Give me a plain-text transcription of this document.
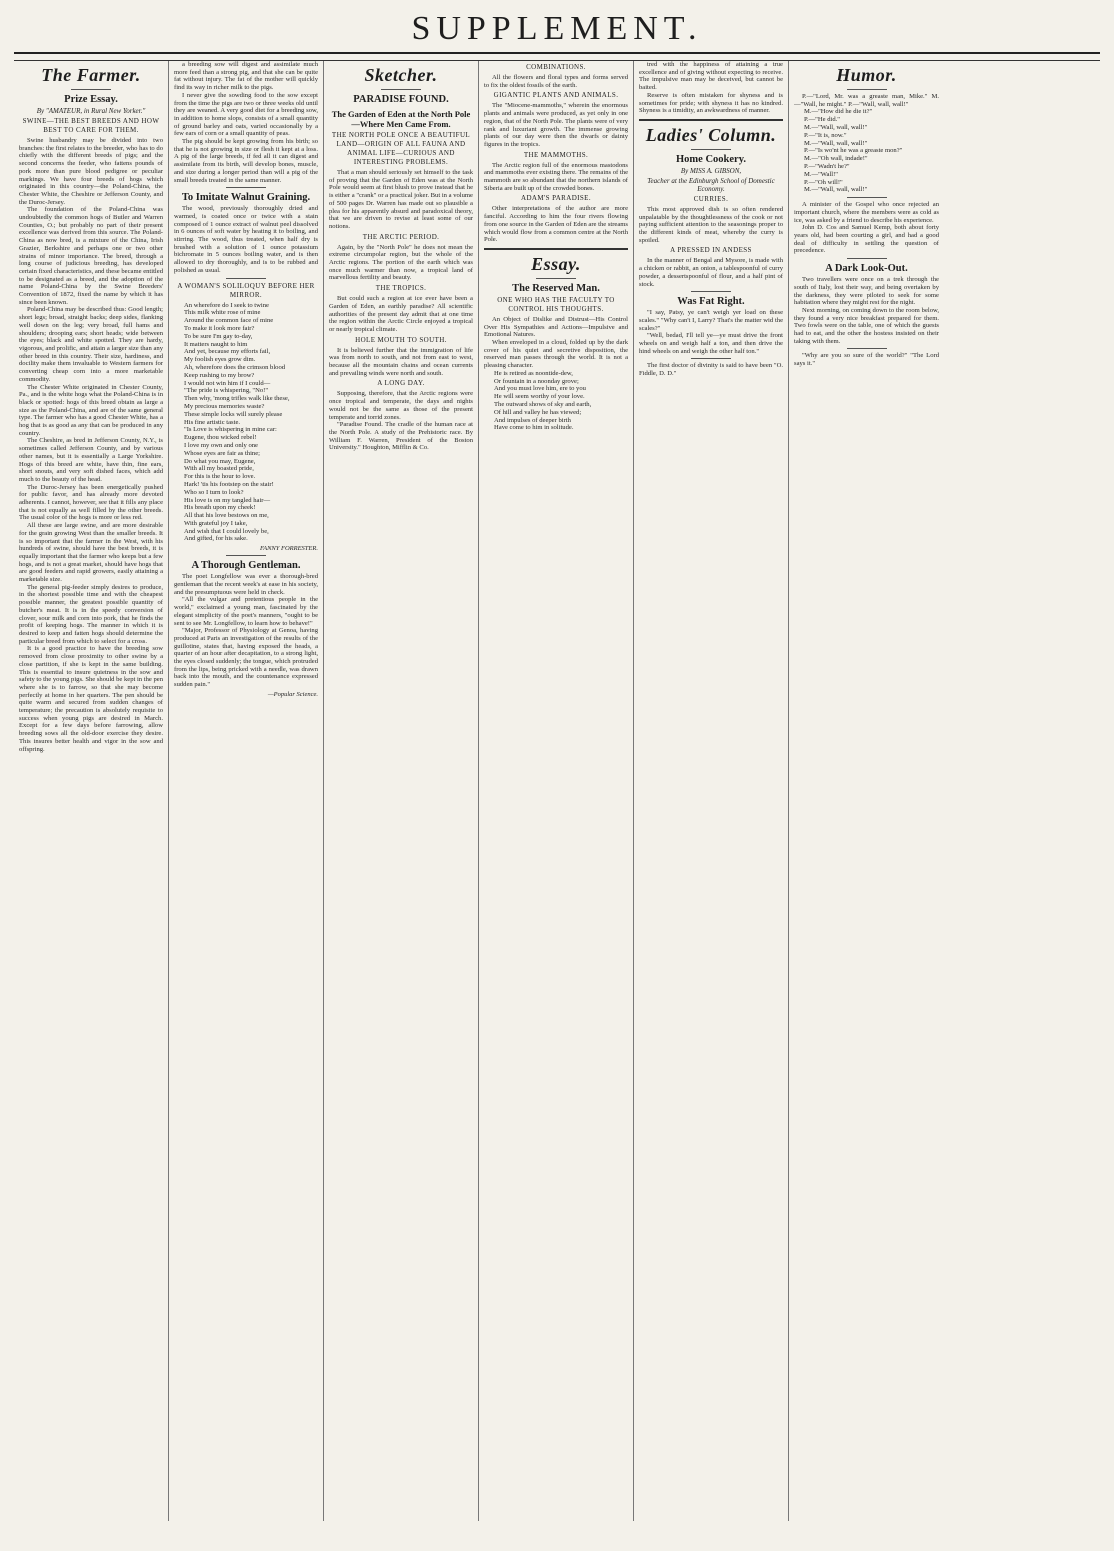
SUPPLEMENT.
The Farmer.
Prize Essay.
By "AMATEUR, in Rural New Yorker."
SWINE—THE BEST BREEDS AND HOW BEST TO CARE FOR THEM.

Swine husbandry may be divided into two branches: the first relates to the breeder, who has to do chiefly with the different breeds of pigs; and the second concerns the feeder, who fattens pounds of pork more than pure blood pedigree or peculiar markings. We have four breeds of hogs which originated in this country—the Poland-China, the Chester White, the Cheshire or Jefferson County, and the Duroc-Jersey.

The foundation of the Poland-China was undoubtedly the common hogs of Butler and Warren Counties, O.; but probably no part of their present excellence was derived from this source. The Poland-China as now bred, is a mixture of the China, Irish Grazier, Berkshire and perhaps one or two other strains of minor importance. The breed, through a long course of judicious breeding, has developed certain fixed characteristics, and these became entitled to be designated as a breed, and the adoption of the name Poland-China by the Swine Breeders' Convention of 1872, fixed the name by which it has since been known.

Poland-China may be described thus: Good length; short legs; broad, straight backs; deep sides, flanking well down on the leg; very broad, full hams and shoulders; drooping ears; short heads; wide between the eyes; black and white spotted. They are hardy, vigorous, and prolific, and attain a larger size than any other breed in this country. Their size, hardiness, and docility make them invaluable to Western farmers for converting cheap corn into a more marketable commodity.

The Chester White originated in Chester County, Pa., and is the white hogs what the Poland-China is in black or spotted: hogs of this breed obtain as large a size as the Poland-China, and are of the same general type. The farmer who has a good Chester White, has a hog that is as good as any that can be produced in any country.

The Cheshire, as bred in Jefferson County, N.Y., is sometimes called Jefferson County, and by various other names, but it is essentially a Large Yorkshire. Hogs of this breed are white, have thin, fine ears, short snouts, and very soft dished faces, which add much to the beauty of the head.

The Duroc-Jersey has been energetically pushed for public favor, and has already more devoted adherents. I cannot, however, see that it fills any place that is not equally as well filled by the other breeds. The usual color of the hogs is more or less red.

All these are large swine, and are more desirable for the grain growing West than the smaller breeds. It is so important that the farmer in the West, with his hundreds of swine, should have the best breeds, it is equally important that the farmer who keeps but a few hogs, and is not a great market, should have hogs that are good feeders and rapid growers, easily attaining a marketable size.

The general pig-feeder simply desires to produce, in the shortest possible time and with the cheapest possible manner, the greatest possible quantity of butcher's meat. It is in the speedy conversion of clover, sour milk and corn into pork, that he finds the profit of keeping hogs. The manner in which it is desired to keep and fatten hogs should determine the particular breed from which to select for a cross.

It is a good practice to have the breeding sow removed from close proximity to other swine by a close partition, if she is kept in the same building. This is essential to insure quietness in the sow and safety to the young pigs. She should be kept in the pen where she is to farrow, so that she may become perfectly at home in her quarters. The pen should be quite warm and secured from sudden changes of temperature; the precaution is absolutely requisite to success when young pigs are desired in March. Except for a few days before farrowing, allow breeding sows all the old-door exercise they desire. This insures better health and vigor in the sow and offspring.

a breeding sow will digest and assimilate much more feed than a strong pig, and that she can be quite fat without injury. The fat of the mother will quickly find its way in richer milk to the pigs.

I never give the sowding food to the sow except from the time the pigs are two or three weeks old until they are weaned. A very good diet for a breeding sow, in addition to home slops, consists of a small quantity of ground barley and oats, varied occasionally by a few ears of corn or a small quantity of peas.

The pig should be kept growing from his birth; so that he is not growing in size or flesh it kept at a loss. A pig of the large breeds, if fed all it can digest and assimilate from its birth, will develop bones, muscle, and size during a longer period than will a pig of the small breeds treated in the same manner.

To Imitate Walnut Graining.

The wood, previously thoroughly dried and warmed, is coated once or twice with a stain composed of 1 ounce extract of walnut peel dissolved in 6 ounces of soft water by heating it to boiling, and stirring. The wood, thus treated, when half dry is brushed with a solution of 1 ounce potassium bichromate in 5 ounces boiling water, and is then allowed to dry thoroughly, and is to be rubbed and polished as usual.

A WOMAN'S SOLILOQUY BEFORE HER MIRROR.
An wherefore do I seek to twine
This milk white rose of mine
Around the common face of mine
To make it look more fair?
To be sure I'm gay to-day,
It matters naught to him
And yet, because my efforts fail,
My foolish eyes grow dim.
Ah, wherefore does the crimson blood
Keep rushing to my brow?
I would not win him if I could—
"The pride is whispering, "No!"
Then why, 'mong trifles walk like these,
My precious memories waste?
These simple locks will surely please
His fine artistic taste.
"Is Love is whispering in mine car:
Eugene, thou wicked rebel!
I love my own and only one
Whose eyes are fair as thine;
Do what you may, Eugene,
With all my boasted pride,
For this is the hour to love.
Hark! 'tis his footstep on the stair!
Who so I turn to look?
His love is on my tangled hair—
His breath upon my cheek!
All that his love bestows on me,
With grateful joy I take,
And wish that I could lovely be,
And gifted, for his sake.
FANNY FORRESTER.
A Thorough Gentleman.

The poet Longfellow was ever a thorough-bred gentleman that the recent week's at ease in his society, and the presumptuous were held in check.

"All the vulgar and pretentious people in the world," exclaimed a young man, fascinated by the elegant simplicity of the poet's manners, "ought to be sent to see Mr. Longfellow, to learn how to behave!"

"Major, Professor of Physiology at Genoa, having produced at Paris an investigation of the results of the guillotine, states that, having exposed the heads, a quarter of an hour after decapitation, to a strong light, the eyes closed suddenly; the tongue, which protruded from the lips, being pricked with a needle, was drawn back into the mouth, and the countenance expressed sudden pain."

—Popular Science.
Sketcher.
PARADISE FOUND.
The Garden of Eden at the North Pole—Where Men Came From.
THE NORTH POLE ONCE A BEAUTIFUL LAND—ORIGIN OF ALL FAUNA AND ANIMAL LIFE—CURIOUS AND INTERESTING PROBLEMS.

That a man should seriously set himself to the task of proving that the Garden of Eden was at the North Pole would seem at first blush to prove instead that he is either a "crank" or a practical joker. But in a volume of 500 pages Dr. Warren has made out so plausible a plea for his apparently absurd and paradoxical theory, that we are driven to revise at least some of our notions.

THE ARCTIC PERIOD.

Again, by the "North Pole" he does not mean the extreme circumpolar region, but the whole of the Arctic regions. The portion of the earth which was once much warmer than now, a tropical land of marvellous fertility and beauty.

THE TROPICS.

But could such a region at ice ever have been a Garden of Eden, an earthly paradise? All scientific authorities of the present day admit that at one time the region within the Arctic Circle enjoyed a tropical or nearly tropical climate.

HOLE MOUTH TO SOUTH.

It is believed further that the immigration of life was from north to south, and not from east to west, because all the mountain chains and ocean currents and prevailing winds were north and south.

A LONG DAY.

Supposing, therefore, that the Arctic regions were once tropical and temperate, the days and nights would not be the same as those of the present temperate and torrid zones.

"Paradise Found. The cradle of the human race at the North Pole. A study of the Prehistoric race. By William F. Warren, President of the Boston University." Houghton, Mifflin & Co.

COMBINATIONS.

All the flowers and floral types and forms served to fix the oldest fossils of the earth.

GIGANTIC PLANTS AND ANIMALS.

The "Miocene-mammoths," wherein the enormous plants and animals were produced, as yet only in one region, that of the North Pole. The plants were of very rank and luxuriant growth. The immense growing plants of our day were then the dwarfs or dainty figures in the tropics.

THE MAMMOTHS.

The Arctic region full of the enormous mastodons and mammoths ever existing there. The remains of the mammoth are so abundant that the northern islands of Siberia are built up of the crowded bones.

ADAM'S PARADISE.

Other interpretations of the author are more fanciful. According to him the four rivers flowing from one source in the Garden of Eden are the streams which would flow from a common centre at the North Pole.

Essay.
The Reserved Man.
ONE WHO HAS THE FACULTY TO CONTROL HIS THOUGHTS.

An Object of Dislike and Distrust—His Control Over His Sympathies and Actions—Impulsive and Emotional Natures.

When enveloped in a cloud, folded up by the dark cover of his quiet and secretive disposition, the reserved man passes through the world. It is not a pleasing character.

He is retired as noontide-dew,
Or fountain in a noonday grove;
And you must love him, ere to you
He will seem worthy of your love.
The outward shows of sky and earth,
Of hill and valley he has viewed;
And impulses of deeper birth
Have come to him in solitude.

tred with the happiness of attaining a true excellence and of giving without expecting to receive. The impulsive man may be deceived, but cannot be baited.

Reserve is often mistaken for shyness and is sometimes for pride; with shyness it has no kindred. Shyness is a timidity, an awkwardness of manner.

Ladies' Column.
Home Cookery.
By MISS A. GIBSON,
Teacher at the Edinburgh School of Domestic Economy.
CURRIES.

This most approved dish is so often rendered unpalatable by the thoughtlessness of the cook or not paying sufficient attention to the seasonings proper to the different kinds of meat, whereby the curry is spoiled.

A PRESSED IN ANDESS

In the manner of Bengal and Mysore, is made with a chicken or rabbit, an onion, a tablespoonful of curry powder, a dessertspoonful of flour, and a half pint of stock.

Was Fat Right.

"I say, Patsy, ye can't weigh yer load on these scales." "Why can't I, Larry? That's the matter wid the scales?"

"Well, bedad, I'll tell ye—ye must drive the front wheels on and weigh half a ton, and then drive the hind wheels on and weigh the other half ton."

The first doctor of divinity is said to have been "O. Fiddle, D. D."

Humor.

P.—"Lord, Mr. was a greaste man, Mike." M.—"Wall, he might." P.—"Wall, wall, wall!"

M.—"How did he die it?"
P.—"He did."
M.—"Wall, wall, wall!"
P.—"It is, now."
M.—"Wall, wall, wall!"
P.—"Is wo'nt he was a greaste mon?"
M.—"Oh wall, indade!"
P.—"Wadn't he?"
M.—"Wall!"
P.—"Oh will!"
M.—"Wall, wall, wall!"

A minister of the Gospel who once rejected an important church, where the members were as cold as ice, was asked by a friend to describe his experience.

John D. Cos and Samuel Kemp, both about forty years old, had been courting a girl, and had a good deal of difficulty in settling the question of precedence.

A Dark Look-Out.

Two travellers were once on a trek through the south of Italy, lost their way, and being overtaken by the darkness, they were piloted to seek for some habitation where they might rest for the night.

Next morning, on coming down to the room below, they found a very nice breakfast prepared for them. Two fowls were on the table, one of which the guests had to eat, and the other the hostess insisted on their taking with them.

"Why are you so sure of the world?" "The Lord says it."
